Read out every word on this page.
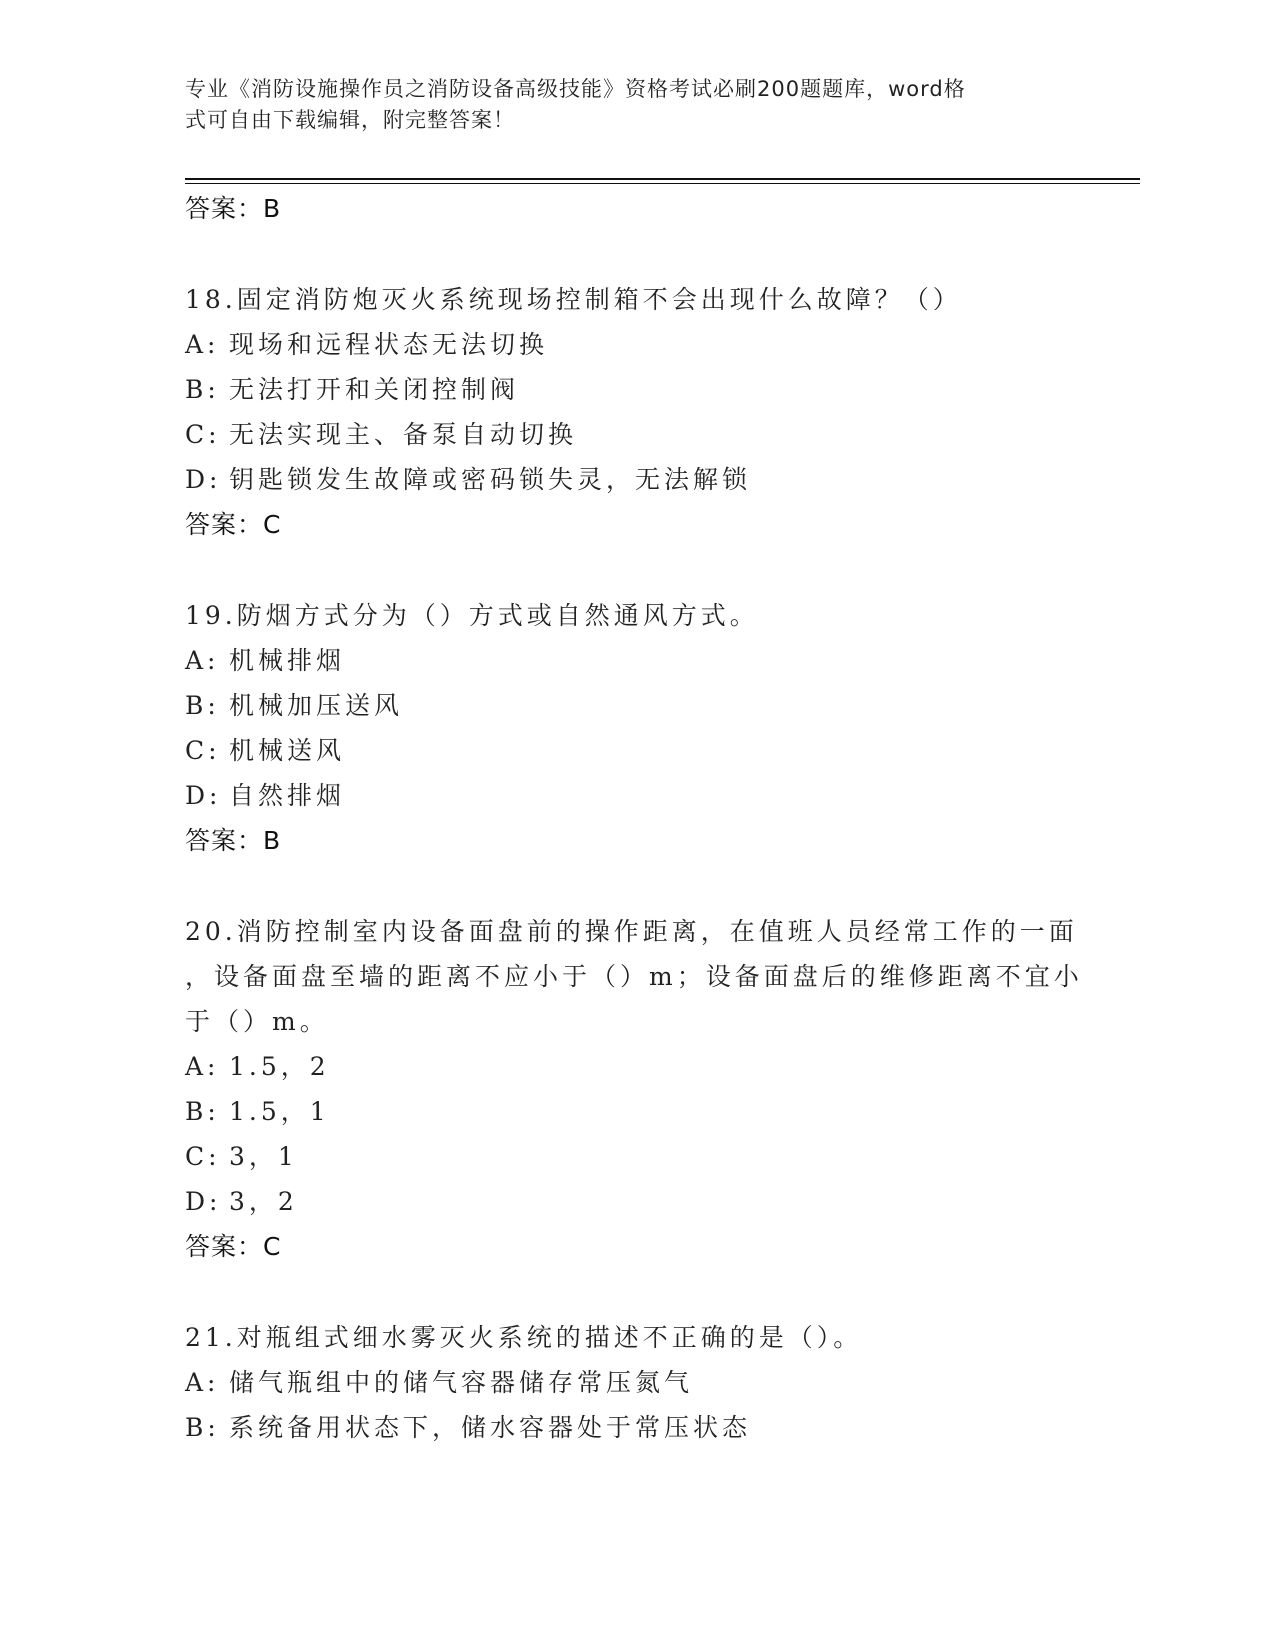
专业《消防设施操作员之消防设备高级技能》资格考试必刷200题题库，word格
式可自由下载编辑，附完整答案！
答案：B
18.固定消防炮灭火系统现场控制箱不会出现什么故障？（）
A: 现场和远程状态无法切换
B: 无法打开和关闭控制阀
C: 无法实现主、备泵自动切换
D: 钥匙锁发生故障或密码锁失灵，无法解锁
答案：C
19.防烟方式分为（）方式或自然通风方式。
A: 机械排烟
B: 机械加压送风
C: 机械送风
D: 自然排烟
答案：B
20.消防控制室内设备面盘前的操作距离，在值班人员经常工作的一面
，设备面盘至墙的距离不应小于（）m；设备面盘后的维修距离不宜小
于（）m。
A: 1.5，2
B: 1.5，1
C: 3，1
D: 3，2
答案：C
21.对瓶组式细水雾灭火系统的描述不正确的是（）。
A: 储气瓶组中的储气容器储存常压氮气
B: 系统备用状态下，储水容器处于常压状态
